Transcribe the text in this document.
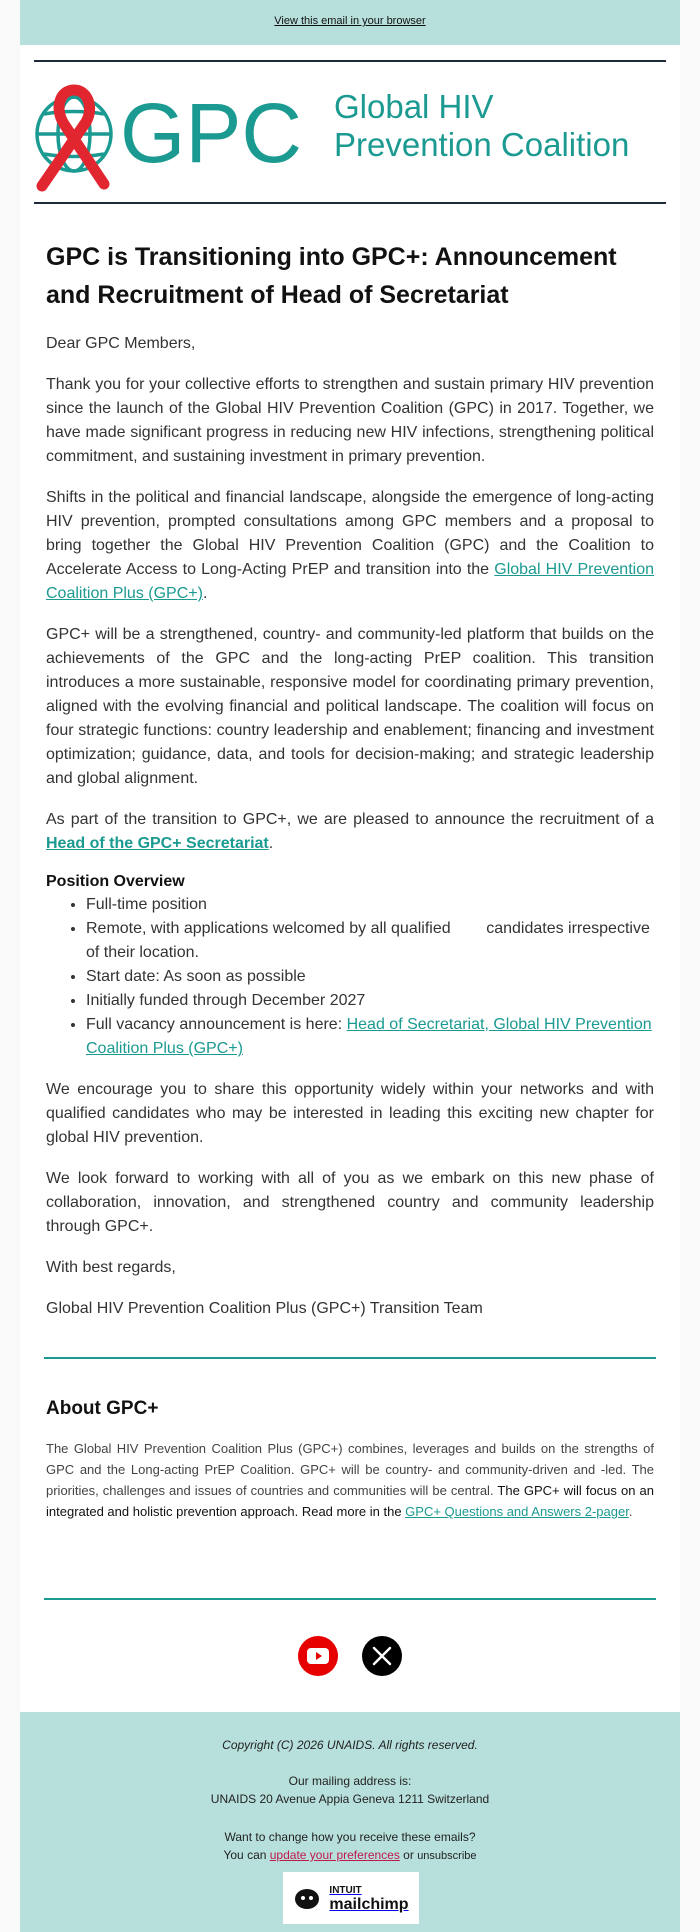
View this email in your browser
GPC Global HIV
Prevention Coalition
GPC is Transitioning into GPC+: Announcement and Recruitment of Head of Secretariat

Dear GPC Members,

Thank you for your collective efforts to strengthen and sustain primary HIV prevention since the launch of the Global HIV Prevention Coalition (GPC) in 2017. Together, we have made significant progress in reducing new HIV infections, strengthening political commitment, and sustaining investment in primary prevention.

Shifts in the political and financial landscape, alongside the emergence of long-acting HIV prevention, prompted consultations among GPC members and a proposal to bring together the Global HIV Prevention Coalition (GPC) and the Coalition to Accelerate Access to Long-Acting PrEP and transition into the Global HIV Prevention Coalition Plus (GPC+).

GPC+ will be a strengthened, country- and community-led platform that builds on the achievements of the GPC and the long-acting PrEP coalition. This transition introduces a more sustainable, responsive model for coordinating primary prevention, aligned with the evolving financial and political landscape. The coalition will focus on four strategic functions: country leadership and enablement; financing and investment optimization; guidance, data, and tools for decision-making; and strategic leadership and global alignment.

As part of the transition to GPC+, we are pleased to announce the recruitment of a Head of the GPC+ Secretariat.

Position Overview
• Full-time position
• Remote, with applications welcomed by all qualified        candidates irrespective of their location.
• Start date: As soon as possible
• Initially funded through December 2027
• Full vacancy announcement is here: Head of Secretariat, Global HIV Prevention Coalition Plus (GPC+)

We encourage you to share this opportunity widely within your networks and with qualified candidates who may be interested in leading this exciting new chapter for global HIV prevention.

We look forward to working with all of you as we embark on this new phase of collaboration, innovation, and strengthened country and community leadership through GPC+.

With best regards,

Global HIV Prevention Coalition Plus (GPC+) Transition Team

About GPC+

The Global HIV Prevention Coalition Plus (GPC+) combines, leverages and builds on the strengths of GPC and the Long-acting PrEP Coalition. GPC+ will be country- and community-driven and -led. The priorities, challenges and issues of countries and communities will be central. The GPC+ will focus on an integrated and holistic prevention approach. Read more in the GPC+ Questions and Answers 2-pager.

Copyright (C) 2026 UNAIDS. All rights reserved.
Our mailing address is:
UNAIDS 20 Avenue Appia Geneva 1211 Switzerland
Want to change how you receive these emails?
You can update your preferences or unsubscribe
INTUIT
mailchimp
